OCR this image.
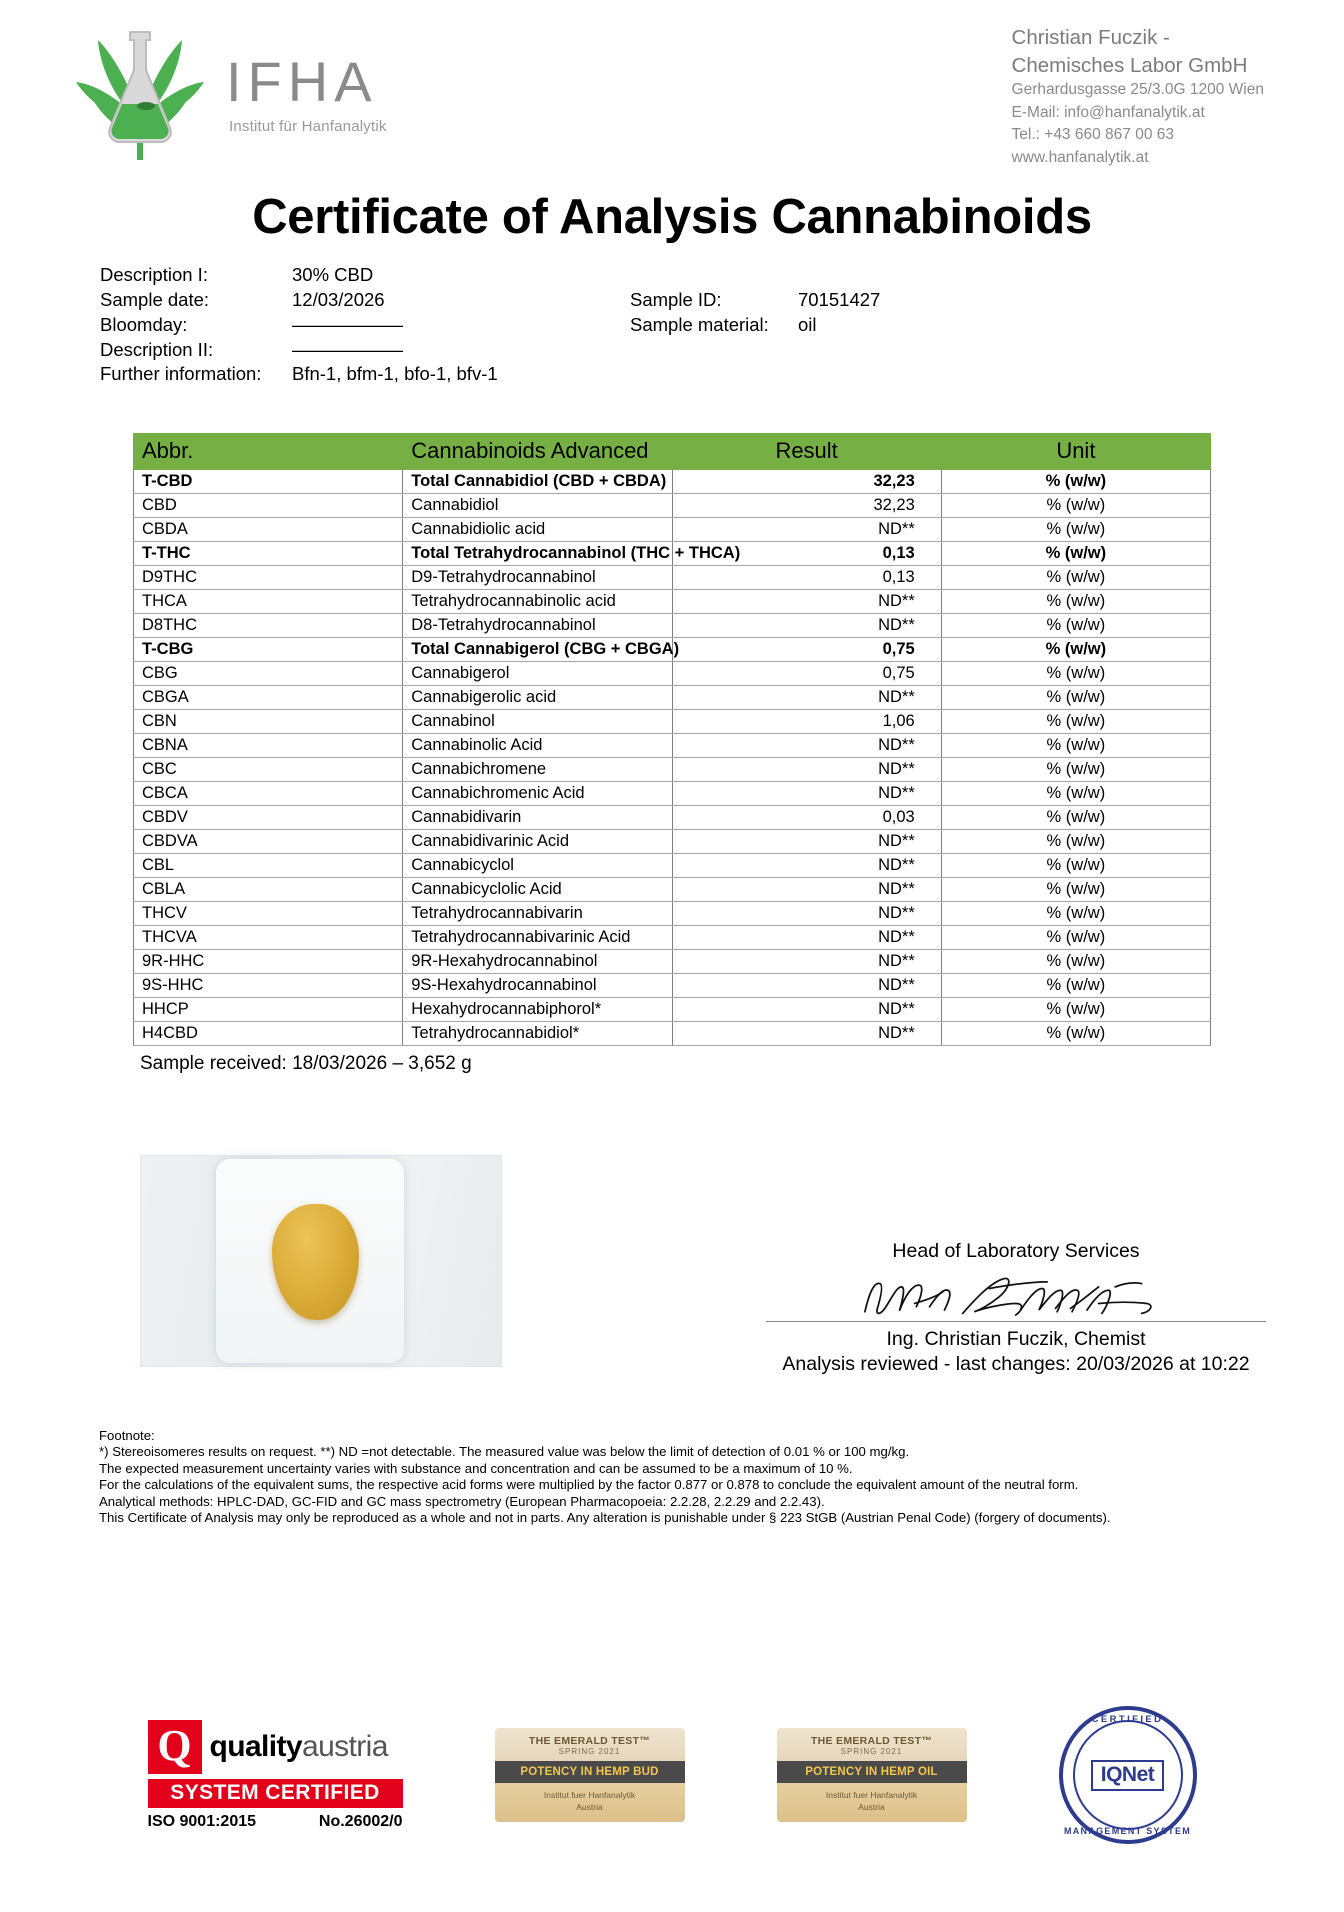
IFHA
Institut für Hanfanalytik
Christian Fuczik -
Chemisches Labor GmbH
Gerhardusgasse 25/3.0G 1200 Wien
E-Mail: info@hanfanalytik.at
Tel.: +43 660 867 00 63
www.hanfanalytik.at
Certificate of Analysis Cannabinoids
Description I:	30% CBD
Sample date:	12/03/2026	Sample ID:	70151427
Bloomday:	——————	Sample material:	oil
Description II:	——————
Further information:	Bfn-1, bfm-1, bfo-1, bfv-1
Abbr.	Cannabinoids Advanced	Result	Unit
T-CBD	Total Cannabidiol (CBD + CBDA)	32,23	% (w/w)
CBD	Cannabidiol	32,23	% (w/w)
CBDA	Cannabidiolic acid	ND**	% (w/w)
T-THC	Total Tetrahydrocannabinol (THC + THCA)	0,13	% (w/w)
D9THC	D9-Tetrahydrocannabinol	0,13	% (w/w)
THCA	Tetrahydrocannabinolic acid	ND**	% (w/w)
D8THC	D8-Tetrahydrocannabinol	ND**	% (w/w)
T-CBG	Total Cannabigerol (CBG + CBGA)	0,75	% (w/w)
CBG	Cannabigerol	0,75	% (w/w)
CBGA	Cannabigerolic acid	ND**	% (w/w)
CBN	Cannabinol	1,06	% (w/w)
CBNA	Cannabinolic Acid	ND**	% (w/w)
CBC	Cannabichromene	ND**	% (w/w)
CBCA	Cannabichromenic Acid	ND**	% (w/w)
CBDV	Cannabidivarin	0,03	% (w/w)
CBDVA	Cannabidivarinic Acid	ND**	% (w/w)
CBL	Cannabicyclol	ND**	% (w/w)
CBLA	Cannabicyclolic Acid	ND**	% (w/w)
THCV	Tetrahydrocannabivarin	ND**	% (w/w)
THCVA	Tetrahydrocannabivarinic Acid	ND**	% (w/w)
9R-HHC	9R-Hexahydrocannabinol	ND**	% (w/w)
9S-HHC	9S-Hexahydrocannabinol	ND**	% (w/w)
HHCP	Hexahydrocannabiphorol*	ND**	% (w/w)
H4CBD	Tetrahydrocannabidiol*	ND**	% (w/w)
Sample received: 18/03/2026 – 3,652 g
Head of Laboratory Services
Ing. Christian Fuczik, Chemist
Analysis reviewed - last changes: 20/03/2026 at 10:22

Footnote:

*) Stereoisomeres results on request. **) ND =not detectable. The measured value was below the limit of detection of 0.01 % or 100 mg/kg.

The expected measurement uncertainty varies with substance and concentration and can be assumed to be a maximum of 10 %.

For the calculations of the equivalent sums, the respective acid forms were multiplied by the factor 0.877 or 0.878 to conclude the equivalent amount of the neutral form.

Analytical methods: HPLC-DAD, GC-FID and GC mass spectrometry (European Pharmacopoeia: 2.2.28, 2.2.29 and 2.2.43).

This Certificate of Analysis may only be reproduced as a whole and not in parts. Any alteration is punishable under § 223 StGB (Austrian Penal Code) (forgery of documents).

Q qualityaustria
SYSTEM CERTIFIED
ISO 9001:2015	No.26002/0
THE EMERALD TEST™
SPRING 2021
POTENCY IN HEMP BUD
Institut fuer Hanfanalytik
Austria
THE EMERALD TEST™
SPRING 2021
POTENCY IN HEMP OIL
Institut fuer Hanfanalytik
Austria
CERTIFIED
IQNet
MANAGEMENT SYSTEM
